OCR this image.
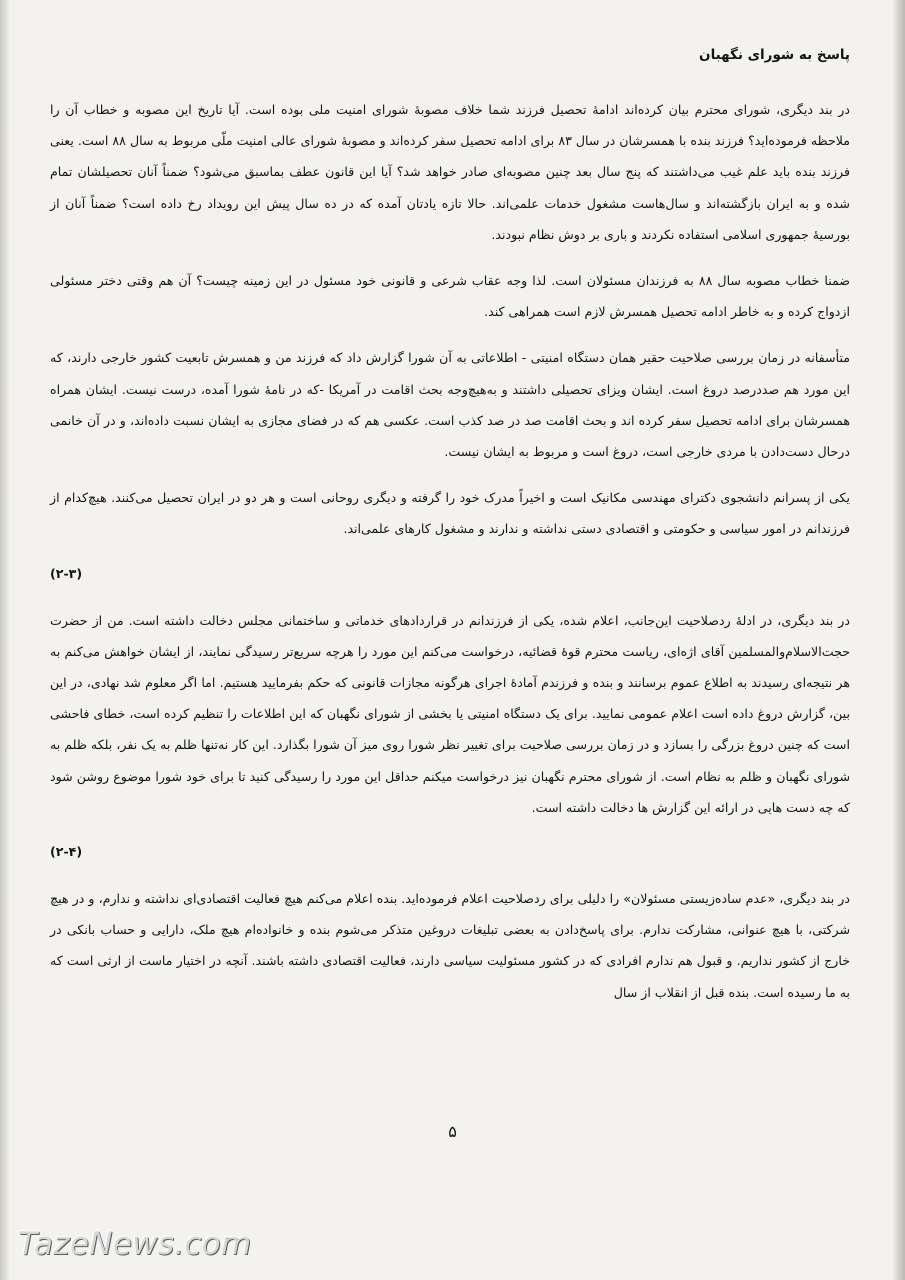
پاسخ به شورای نگهبان

در بند دیگری، شورای محترم بیان کرده‌اند ادامهٔ تحصیل فرزند شما خلاف مصوبهٔ شورای امنیت ملی بوده است. آیا تاریخ این مصوبه و خطاب آن را ملاحظه فرموده‌اید؟ فرزند بنده با همسرشان در سال ۸۳ برای ادامه تحصیل سفر کرده‌اند و مصوبهٔ شورای عالی امنیت ملّی مربوط به سال ۸۸ است. یعنی فرزند بنده باید علم غیب می‌داشتند که پنج سال بعد چنین مصوبه‌ای صادر خواهد شد؟ آیا این قانون عطف بماسبق می‌شود؟ ضمناً آنان تحصیلشان تمام شده و به ایران بازگشته‌اند و سال‌هاست مشغول خدمات علمی‌اند. حالا تازه یادتان آمده که در ده سال پیش این رویداد رخ داده است؟ ضمناً آنان از بورسیهٔ جمهوری اسلامی استفاده نکردند و باری بر دوش نظام نبودند.

ضمنا خطاب مصوبه سال ۸۸ به فرزندان مسئولان است. لذا وجه عقاب شرعی و قانونی خود مسئول در این زمینه چیست؟ آن هم وقتی دختر مسئولی ازدواج کرده و به خاطر ادامه تحصیل همسرش لازم است همراهی کند.

متأسفانه در زمان بررسی صلاحیت حقیر همان دستگاه امنیتی - اطلاعاتی به آن شورا گزارش داد که فرزند من و همسرش تابعیت کشور خارجی دارند، که این مورد هم صددرصد دروغ است. ایشان ویزای تحصیلی داشتند و به‌هیچ‌وجه بحث اقامت در آمریکا -که در نامهٔ شورا آمده، درست نیست. ایشان همراه همسرشان برای ادامه تحصیل سفر کرده اند و بحث اقامت صد در صد کذب است. عکسی هم که در فضای مجازی به ایشان نسبت داده‌اند، و در آن خانمی درحال دست‌دادن با مردی خارجی است، دروغ است و مربوط به ایشان نیست.

یکی از پسرانم دانشجوی دکترای مهندسی مکانیک است و اخیراً مدرک خود را گرفته و دیگری روحانی است و هر دو در ایران تحصیل می‌کنند. هیچ‌کدام از فرزندانم در امور سیاسی و حکومتی و اقتصادی دستی نداشته و ندارند و مشغول کارهای علمی‌اند.

(۲-۳)

در بند دیگری، در ادلهٔ ردصلاحیت این‌جانب، اعلام شده، یکی از فرزندانم در قراردادهای خدماتی و ساختمانی مجلس دخالت داشته است. من از حضرت حجت‌الاسلام‌والمسلمین آقای اژه‌ای، ریاست محترم قوهٔ قضائیه، درخواست می‌کنم این مورد را هرچه سریع‌تر رسیدگی نمایند، از ایشان خواهش می‌کنم به هر نتیجه‌ای رسیدند به اطلاع عموم برسانند و بنده و فرزندم آمادهٔ اجرای هرگونه مجازات قانونی که حکم بفرمایید هستیم. اما اگر معلوم شد نهادی، در این بین، گزارش دروغ داده است اعلام عمومی نمایید. برای یک دستگاه امنیتی یا بخشی از شورای نگهبان که این اطلاعات را تنظیم کرده است، خطای فاحشی است که چنین دروغ بزرگی را بسازد و در زمان بررسی صلاحیت برای تغییر نظر شورا روی میز آن شورا بگذارد. این کار نه‌تنها ظلم به یک نفر، بلکه ظلم به شورای نگهبان و ظلم به نظام است. از شورای محترم نگهبان نیز درخواست میکنم حداقل این مورد را رسیدگی کنید تا برای خود شورا موضوع روشن شود که چه دست هایی در ارائه این گزارش ها دخالت داشته است.

(۲-۴)

در بند دیگری، «عدم ساده‌زیستی مسئولان» را دلیلی برای ردصلاحیت اعلام فرموده‌اید. بنده اعلام می‌کنم هیچ فعالیت اقتصادی‌ای نداشته و ندارم، و در هیچ شرکتی، با هیچ عنوانی، مشارکت ندارم. برای پاسخ‌دادن به بعضی تبلیغات دروغین متذکر می‌شوم بنده و خانواده‌ام هیچ ملک، دارایی و حساب بانکی در خارج از کشور نداریم. و قبول هم ندارم افرادی که در کشور مسئولیت سیاسی دارند، فعالیت اقتصادی داشته باشند. آنچه در اختیار ماست از ارثی است که به ما رسیده است. بنده قبل از انقلاب از سال

۵
TazeNews.com
